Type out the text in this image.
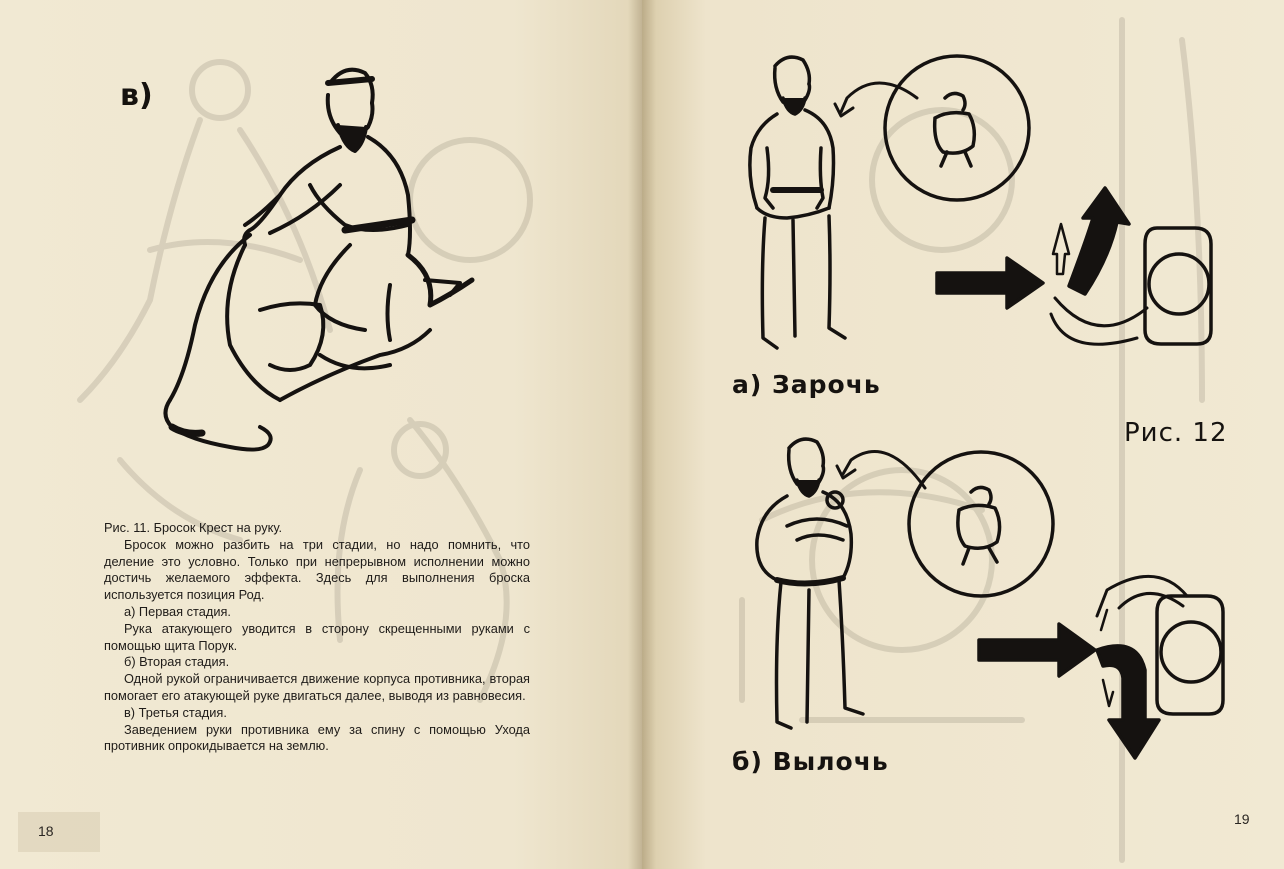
в)

Рис. 11. Бросок Крест на руку.

Бросок можно разбить на три стадии, но надо помнить, что деление это условно. Только при непрерывном исполнении можно достичь желаемого эффекта. Здесь для выполнения броска используется позиция Род.

а) Первая стадия.

Рука атакующего уводится в сторону скрещенными руками с помощью щита Порук.

б) Вторая стадия.

Одной рукой ограничивается движение корпуса противника, вторая помогает его атакующей руке двигаться далее, выводя из равновесия.

в) Третья стадия.

Заведением руки противника ему за спину с помощью Ухода противник опрокидывается на землю.

18
а) Зарочь
Рис. 12
б) Вылочь
19
